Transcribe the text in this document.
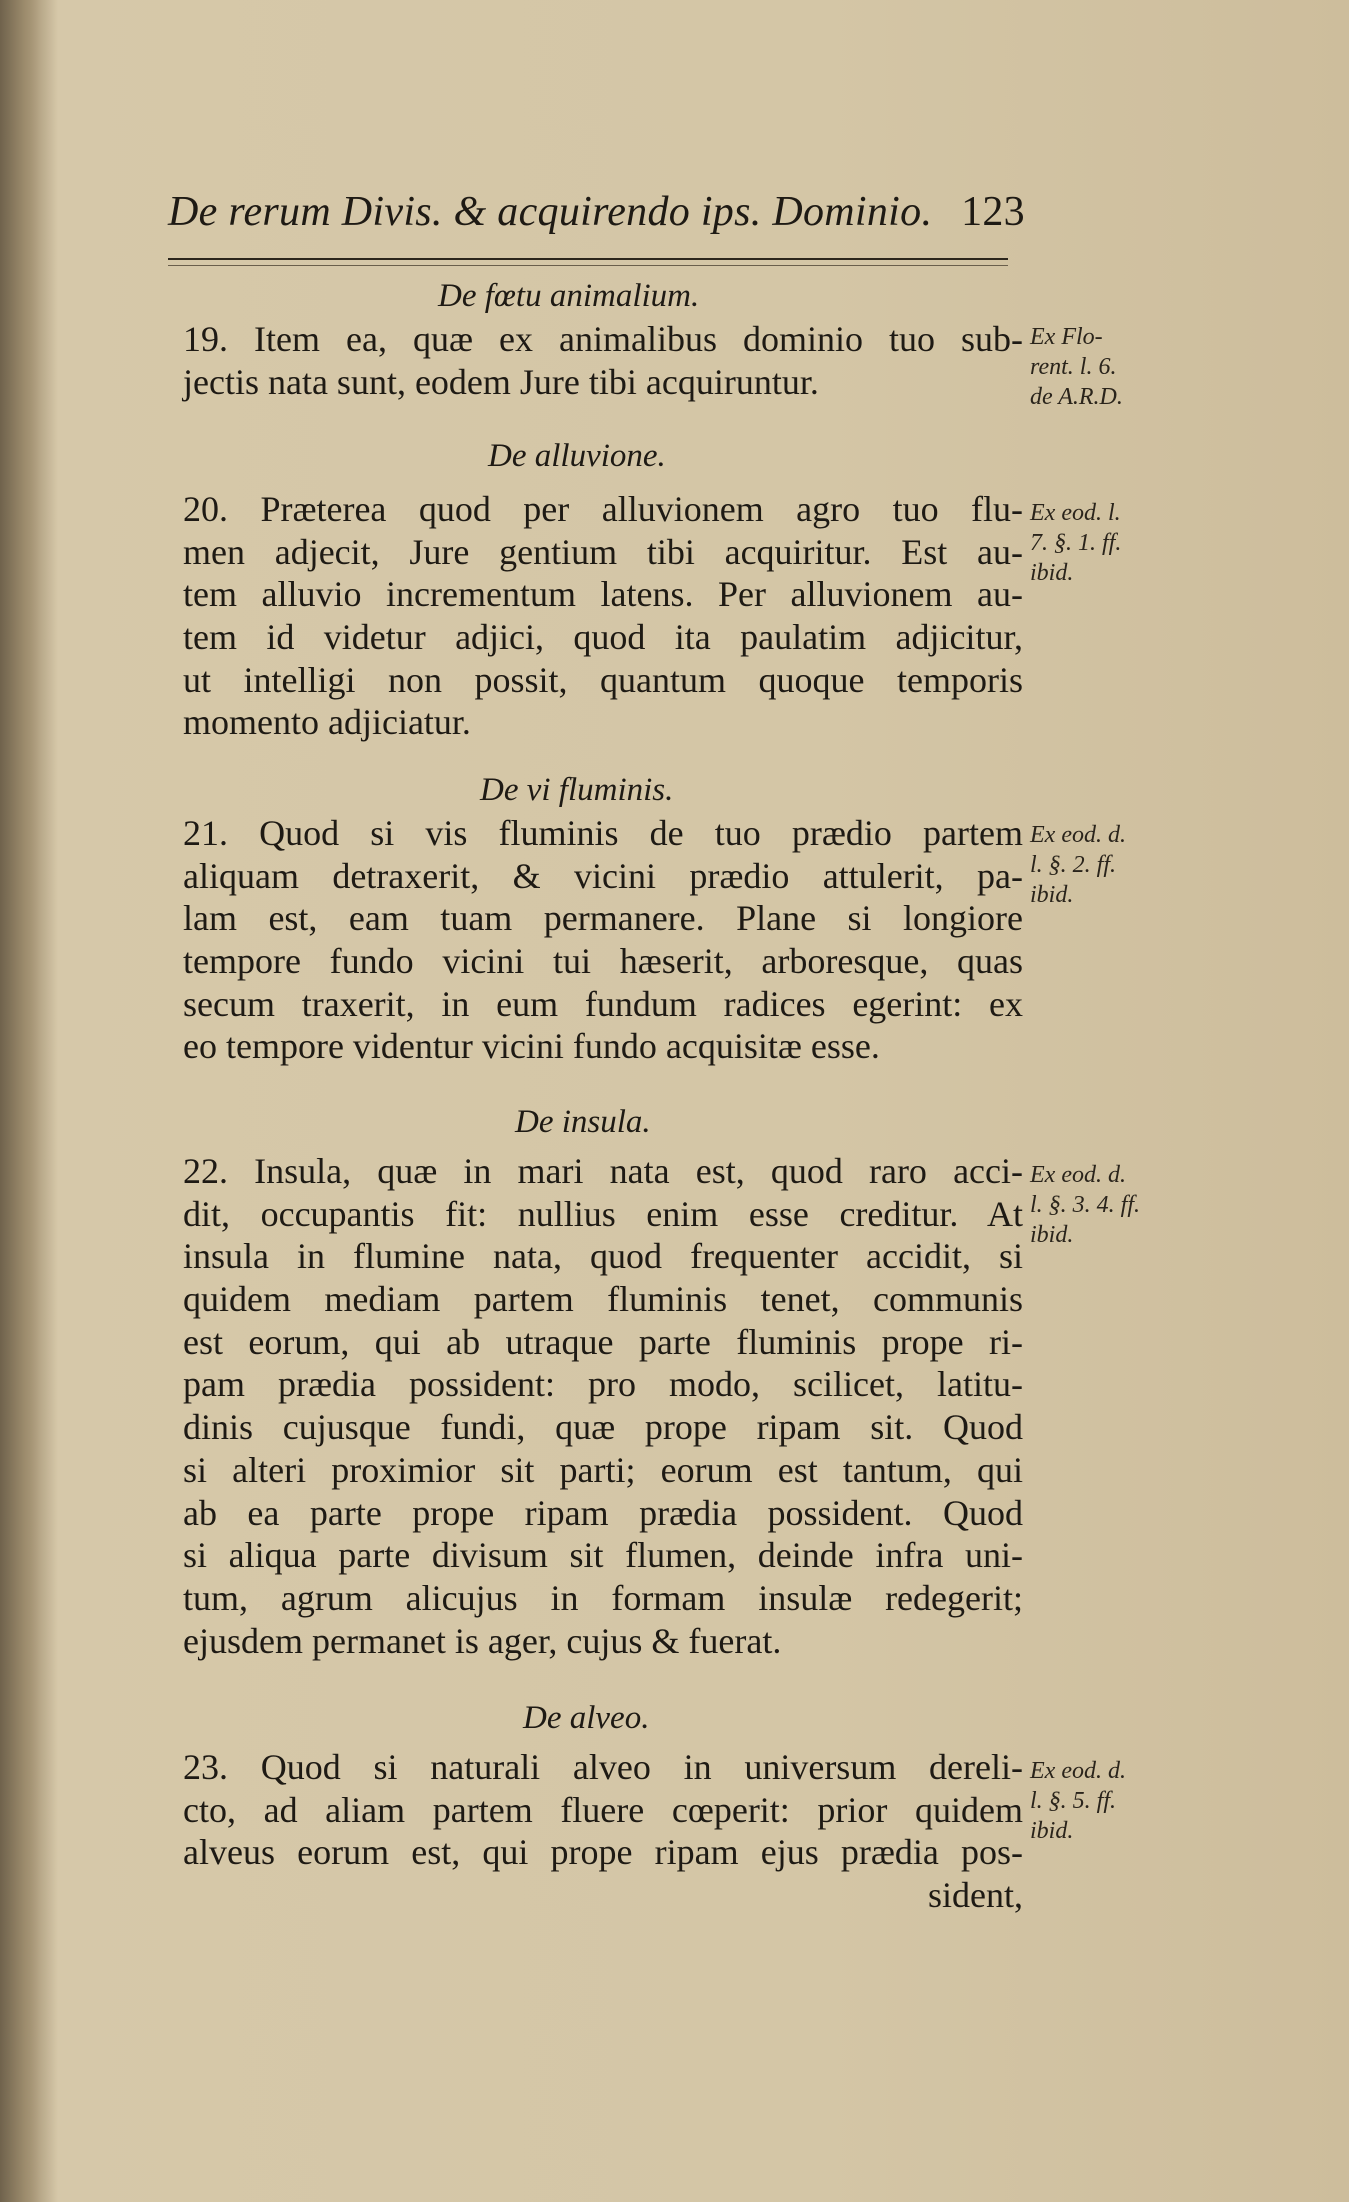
De rerum Divis. & acquirendo ips. Dominio. 123
De fœtu animalium.
19. Item ea, quæ ex animalibus dominio tuo sub-
jectis nata sunt, eodem Jure tibi acquiruntur.
Ex Flo-
rent. l. 6.
de A.R.D.
De alluvione.
20. Præterea quod per alluvionem agro tuo flu-
men adjecit, Jure gentium tibi acquiritur. Est au-
tem alluvio incrementum latens. Per alluvionem au-
tem id videtur adjici, quod ita paulatim adjicitur,
ut intelligi non possit, quantum quoque temporis
momento adjiciatur.
Ex eod. l.
7. §. 1. ff.
ibid.
De vi fluminis.
21. Quod si vis fluminis de tuo prædio partem
aliquam detraxerit, & vicini prædio attulerit, pa-
lam est, eam tuam permanere. Plane si longiore
tempore fundo vicini tui hæserit, arboresque, quas
secum traxerit, in eum fundum radices egerint: ex
eo tempore videntur vicini fundo acquisitæ esse.
Ex eod. d.
l. §. 2. ff.
ibid.
De insula.
22. Insula, quæ in mari nata est, quod raro acci-
dit, occupantis fit: nullius enim esse creditur. At
insula in flumine nata, quod frequenter accidit, si
quidem mediam partem fluminis tenet, communis
est eorum, qui ab utraque parte fluminis prope ri-
pam prædia possident: pro modo, scilicet, latitu-
dinis cujusque fundi, quæ prope ripam sit. Quod
si alteri proximior sit parti; eorum est tantum, qui
ab ea parte prope ripam prædia possident. Quod
si aliqua parte divisum sit flumen, deinde infra uni-
tum, agrum alicujus in formam insulæ redegerit;
ejusdem permanet is ager, cujus & fuerat.
Ex eod. d.
l. §. 3. 4. ff.
ibid.
De alveo.
23. Quod si naturali alveo in universum dereli-
cto, ad aliam partem fluere cœperit: prior quidem
alveus eorum est, qui prope ripam ejus prædia pos-
sident,
Ex eod. d.
l. §. 5. ff.
ibid.
